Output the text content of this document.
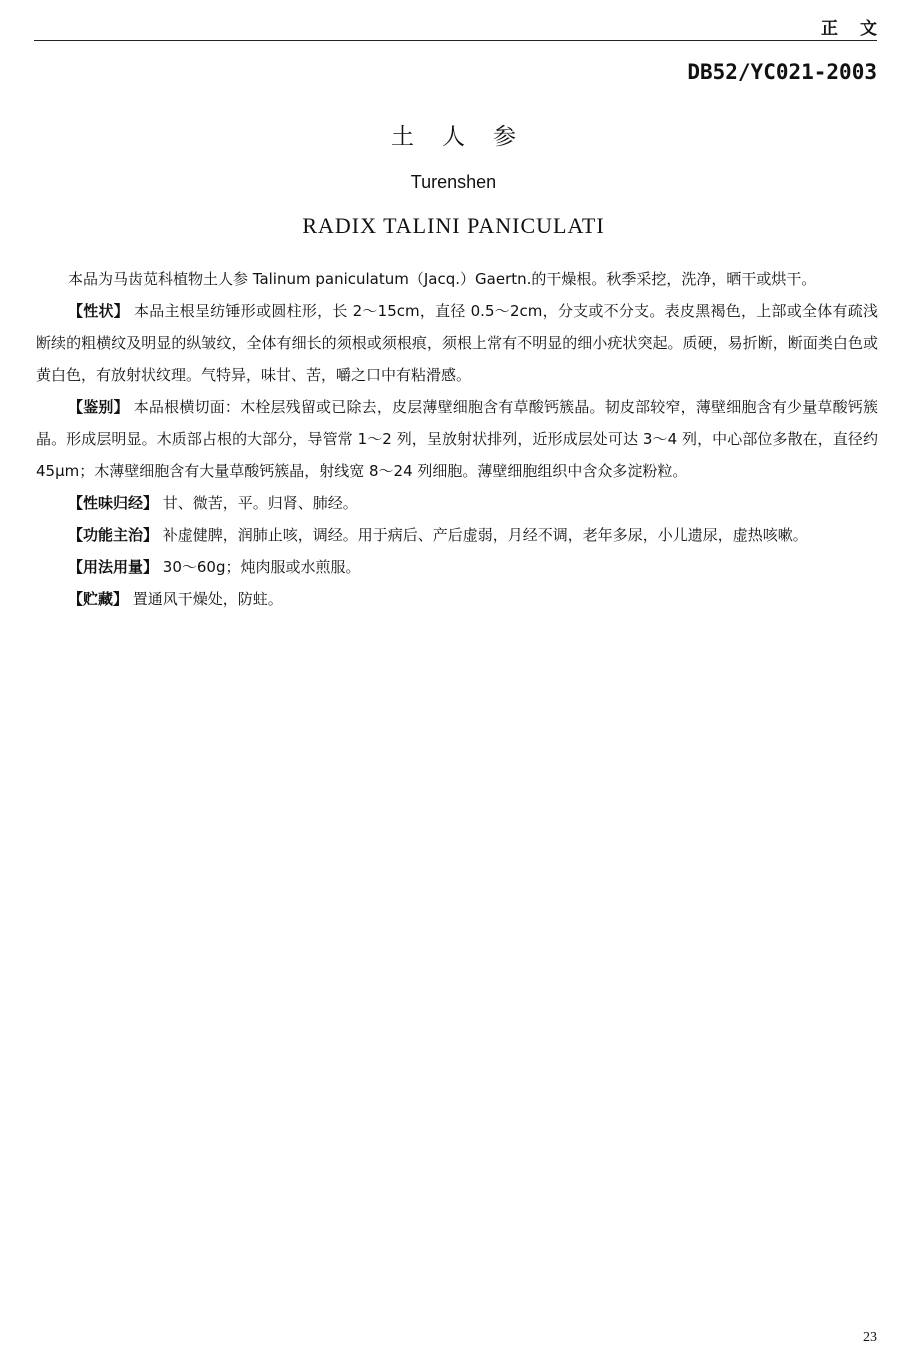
正文
DB52/YC021-2003
土人参
Turenshen
RADIX TALINI PANICULATI

本品为马齿苋科植物土人参 Talinum paniculatum（Jacq.）Gaertn.的干燥根。秋季采挖，洗净，晒干或烘干。

【性状】 本品主根呈纺锤形或圆柱形，长 2～15cm，直径 0.5～2cm，分支或不分支。表皮黑褐色，上部或全体有疏浅断续的粗横纹及明显的纵皱纹，全体有细长的须根或须根痕，须根上常有不明显的细小疣状突起。质硬，易折断，断面类白色或黄白色，有放射状纹理。气特异，味甘、苦，嚼之口中有粘滑感。

【鉴别】 本品根横切面：木栓层残留或已除去，皮层薄壁细胞含有草酸钙簇晶。韧皮部较窄，薄壁细胞含有少量草酸钙簇晶。形成层明显。木质部占根的大部分，导管常 1～2 列，呈放射状排列，近形成层处可达 3～4 列，中心部位多散在，直径约 45μm；木薄壁细胞含有大量草酸钙簇晶，射线宽 8～24 列细胞。薄壁细胞组织中含众多淀粉粒。

【性味归经】 甘、微苦，平。归肾、肺经。

【功能主治】 补虚健脾，润肺止咳，调经。用于病后、产后虚弱，月经不调，老年多尿，小儿遗尿，虚热咳嗽。

【用法用量】 30～60g；炖肉服或水煎服。

【贮藏】 置通风干燥处，防蛀。

23
